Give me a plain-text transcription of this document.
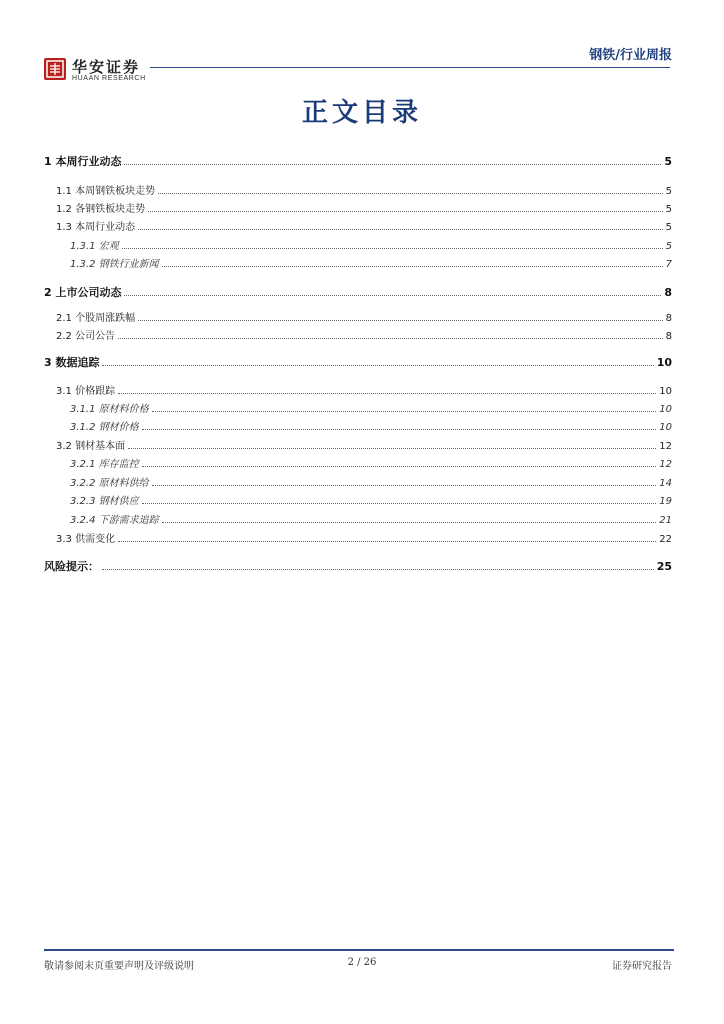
华安证券
HUAAN RESEARCH
钢铁/行业周报
正文目录
1 本周行业动态	5
1.1 本周钢铁板块走势	5
1.2 各钢铁板块走势	5
1.3 本周行业动态	5
1.3.1 宏观	5
1.3.2 钢铁行业新闻	7
2 上市公司动态	8
2.1 个股周涨跌幅	8
2.2 公司公告	8
3 数据追踪	10
3.1 价格跟踪	10
3.1.1 原材料价格	10
3.1.2 钢材价格	10
3.2 钢材基本面	12
3.2.1 库存监控	12
3.2.2 原材料供给	14
3.2.3 钢材供应	19
3.2.4 下游需求追踪	21
3.3 供需变化	22
风险提示：	25
敬请参阅末页重要声明及评级说明	2 / 26	证券研究报告
